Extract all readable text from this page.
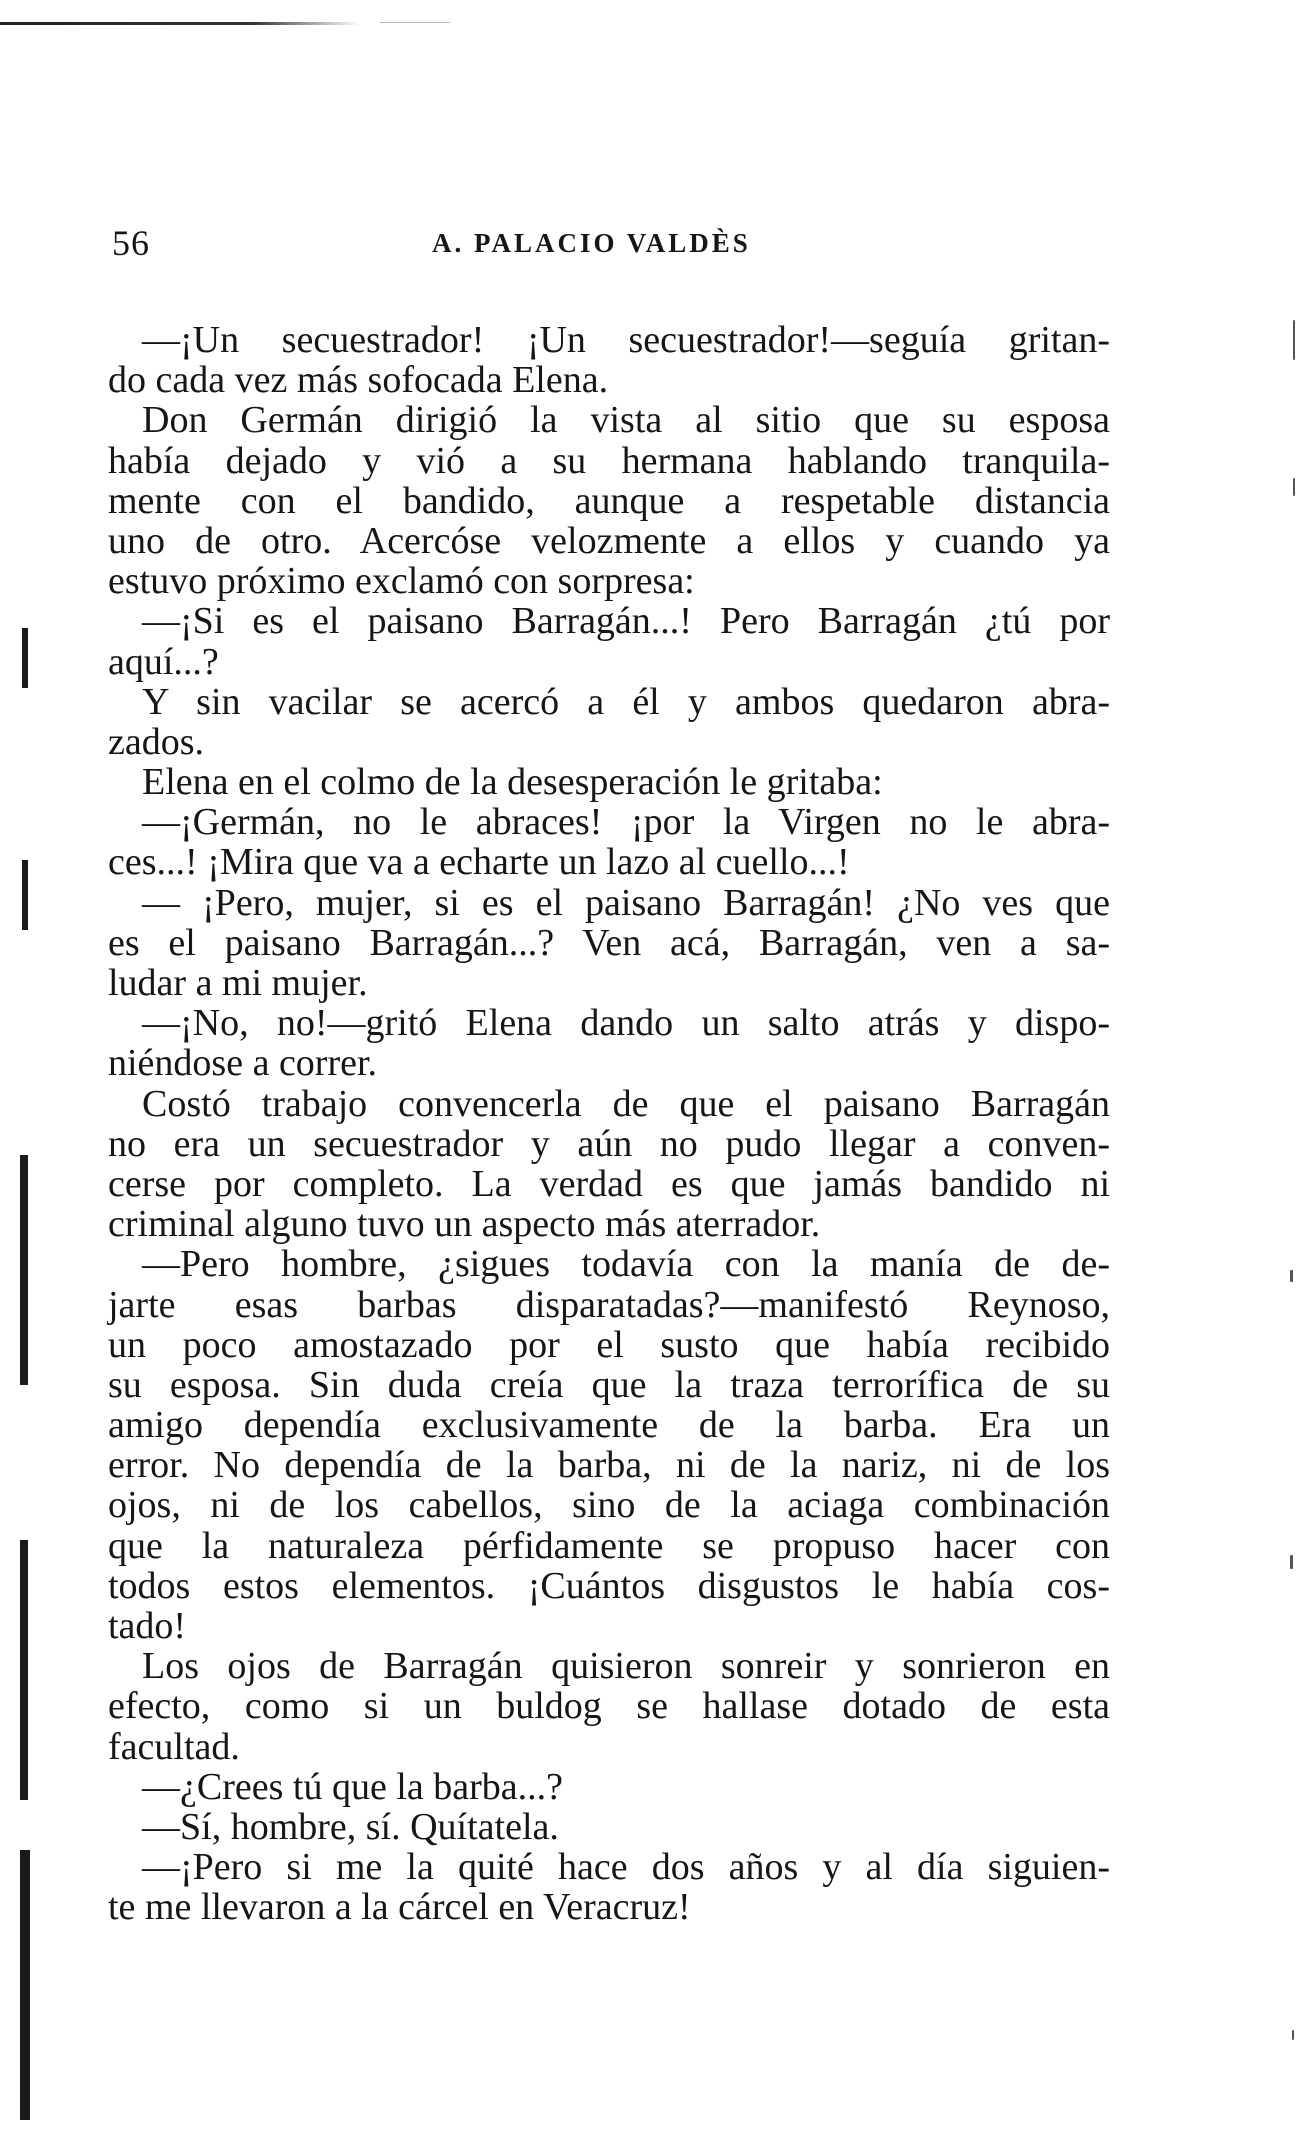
56	A. PALACIO VALDÈS
—¡Un secuestrador! ¡Un secuestrador!—seguía gritan-
do cada vez más sofocada Elena.
Don Germán dirigió la vista al sitio que su esposa
había dejado y vió a su hermana hablando tranquila-
mente con el bandido, aunque a respetable distancia
uno de otro. Acercóse velozmente a ellos y cuando ya
estuvo próximo exclamó con sorpresa:
—¡Si es el paisano Barragán...! Pero Barragán ¿tú por
aquí...?
Y sin vacilar se acercó a él y ambos quedaron abra-
zados.
Elena en el colmo de la desesperación le gritaba:
—¡Germán, no le abraces! ¡por la Virgen no le abra-
ces...! ¡Mira que va a echarte un lazo al cuello...!
— ¡Pero, mujer, si es el paisano Barragán! ¿No ves que
es el paisano Barragán...? Ven acá, Barragán, ven a sa-
ludar a mi mujer.
—¡No, no!—gritó Elena dando un salto atrás y dispo-
niéndose a correr.
Costó trabajo convencerla de que el paisano Barragán
no era un secuestrador y aún no pudo llegar a conven-
cerse por completo. La verdad es que jamás bandido ni
criminal alguno tuvo un aspecto más aterrador.
—Pero hombre, ¿sigues todavía con la manía de de-
jarte esas barbas disparatadas?—manifestó Reynoso,
un poco amostazado por el susto que había recibido
su esposa. Sin duda creía que la traza terrorífica de su
amigo dependía exclusivamente de la barba. Era un
error. No dependía de la barba, ni de la nariz, ni de los
ojos, ni de los cabellos, sino de la aciaga combinación
que la naturaleza pérfidamente se propuso hacer con
todos estos elementos. ¡Cuántos disgustos le había cos-
tado!
Los ojos de Barragán quisieron sonreir y sonrieron en
efecto, como si un buldog se hallase dotado de esta
facultad.
—¿Crees tú que la barba...?
—Sí, hombre, sí. Quítatela.
—¡Pero si me la quité hace dos años y al día siguien-
te me llevaron a la cárcel en Veracruz!
